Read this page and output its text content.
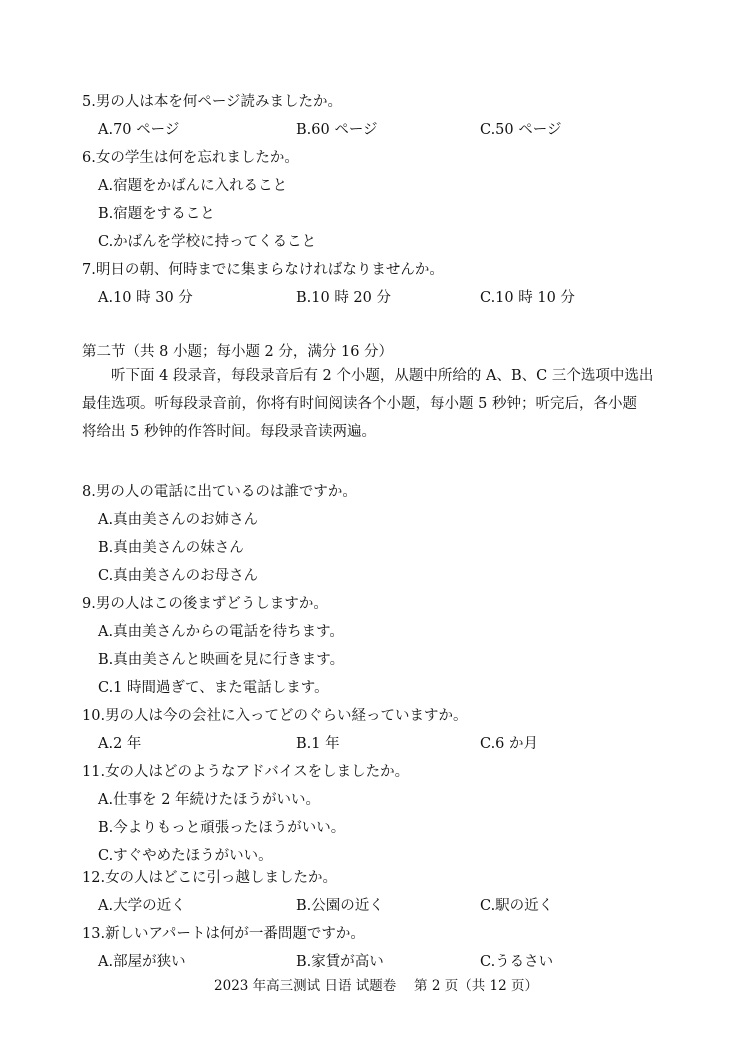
5.男の人は本を何ページ読みましたか。
A.70 ページ	B.60 ページ	C.50 ページ
6.女の学生は何を忘れましたか。
A.宿題をかばんに入れること
B.宿題をすること
C.かばんを学校に持ってくること
7.明日の朝、何時までに集まらなければなりませんか。
A.10 時 30 分	B.10 時 20 分	C.10 時 10 分
第二节（共 8 小题；每小题 2 分，满分 16 分）
听下面 4 段录音，每段录音后有 2 个小题，从题中所给的 A、B、C 三个选项中选出
最佳选项。听每段录音前，你将有时间阅读各个小题，每小题 5 秒钟；听完后，各小题
将给出 5 秒钟的作答时间。每段录音读两遍。
8.男の人の電話に出ているのは誰ですか。
A.真由美さんのお姉さん
B.真由美さんの妹さん
C.真由美さんのお母さん
9.男の人はこの後まずどうしますか。
A.真由美さんからの電話を待ちます。
B.真由美さんと映画を見に行きます。
C.1 時間過ぎて、また電話します。
10.男の人は今の会社に入ってどのぐらい経っていますか。
A.2 年	B.1 年	C.6 か月
11.女の人はどのようなアドバイスをしましたか。
A.仕事を 2 年続けたほうがいい。
B.今よりもっと頑張ったほうがいい。
C.すぐやめたほうがいい。
12.女の人はどこに引っ越しましたか。
A.大学の近く	B.公園の近く	C.駅の近く
13.新しいアパートは何が一番問題ですか。
A.部屋が狭い	B.家賃が高い	C.うるさい
2023 年高三测试 日语 试题卷　 第 2 页（共 12 页）
